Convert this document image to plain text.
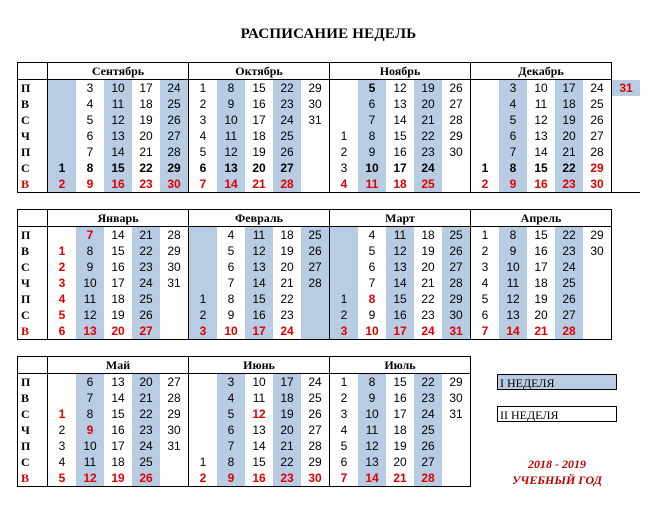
РАСПИСАНИЕ НЕДЕЛЬ
	Сентябрь					Октябрь					Ноябрь					Декабрь					
П		3	10	17	24	1	8	15	22	29		5	12	19	26		3	10	17	24	31
В		4	11	18	25	2	9	16	23	30		6	13	20	27		4	11	18	25	
С		5	12	19	26	3	10	17	24	31		7	14	21	28		5	12	19	26	
Ч		6	13	20	27	4	11	18	25		1	8	15	22	29		6	13	20	27	
П		7	14	21	28	5	12	19	26		2	9	16	23	30		7	14	21	28	
С	1	8	15	22	29	6	13	20	27		3	10	17	24		1	8	15	22	29	
В	2	9	16	23	30	7	14	21	28		4	11	18	25		2	9	16	23	30	
	Январь					Февраль					Март					Апрель				
П		7	14	21	28		4	11	18	25		4	11	18	25	1	8	15	22	29
В	1	8	15	22	29		5	12	19	26		5	12	19	26	2	9	16	23	30
С	2	9	16	23	30		6	13	20	27		6	13	20	27	3	10	17	24	
Ч	3	10	17	24	31		7	14	21	28		7	14	21	28	4	11	18	25	
П	4	11	18	25		1	8	15	22		1	8	15	22	29	5	12	19	26	
С	5	12	19	26		2	9	16	23		2	9	16	23	30	6	13	20	27	
В	6	13	20	27		3	10	17	24		3	10	17	24	31	7	14	21	28	
	Май					Июнь					Июль				
П		6	13	20	27		3	10	17	24	1	8	15	22	29
В		7	14	21	28		4	11	18	25	2	9	16	23	30
С	1	8	15	22	29		5	12	19	26	3	10	17	24	31
Ч	2	9	16	23	30		6	13	20	27	4	11	18	25	
П	3	10	17	24	31		7	14	21	28	5	12	19	26	
С	4	11	18	25		1	8	15	22	29	6	13	20	27	
В	5	12	19	26		2	9	16	23	30	7	14	21	28	
I НЕДЕЛЯ
II НЕДЕЛЯ
2018 - 2019
УЧЕБНЫЙ ГОД
